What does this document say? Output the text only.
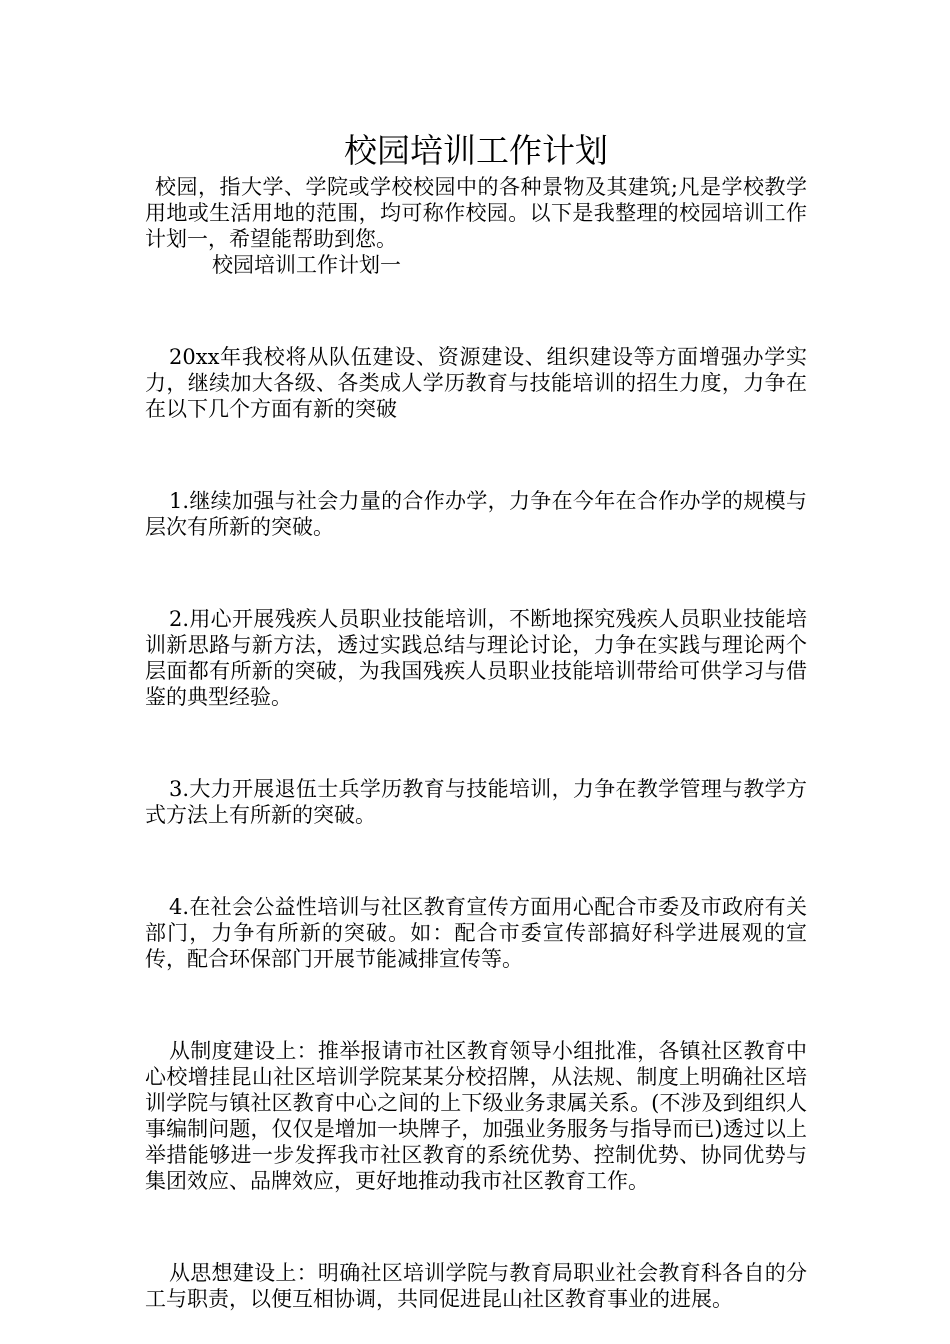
校园培训工作计划

校园，指大学、学院或学校校园中的各种景物及其建筑;凡是学校教学用地或生活用地的范围，均可称作校园。以下是我整理的校园培训工作计划一，希望能帮助到您。

校园培训工作计划一

20xx年我校将从队伍建设、资源建设、组织建设等方面增强办学实力，继续加大各级、各类成人学历教育与技能培训的招生力度，力争在在以下几个方面有新的突破

1.继续加强与社会力量的合作办学，力争在今年在合作办学的规模与层次有所新的突破。

2.用心开展残疾人员职业技能培训，不断地探究残疾人员职业技能培训新思路与新方法，透过实践总结与理论讨论，力争在实践与理论两个层面都有所新的突破，为我国残疾人员职业技能培训带给可供学习与借鉴的典型经验。

3.大力开展退伍士兵学历教育与技能培训，力争在教学管理与教学方式方法上有所新的突破。

4.在社会公益性培训与社区教育宣传方面用心配合市委及市政府有关部门，力争有所新的突破。如：配合市委宣传部搞好科学进展观的宣传，配合环保部门开展节能减排宣传等。

从制度建设上：推举报请市社区教育领导小组批准，各镇社区教育中心校增挂昆山社区培训学院某某分校招牌，从法规、制度上明确社区培训学院与镇社区教育中心之间的上下级业务隶属关系。(不涉及到组织人事编制问题，仅仅是增加一块牌子，加强业务服务与指导而已)透过以上举措能够进一步发挥我市社区教育的系统优势、控制优势、协同优势与集团效应、品牌效应，更好地推动我市社区教育工作。

从思想建设上：明确社区培训学院与教育局职业社会教育科各自的分工与职责，以便互相协调，共同促进昆山社区教育事业的进展。
